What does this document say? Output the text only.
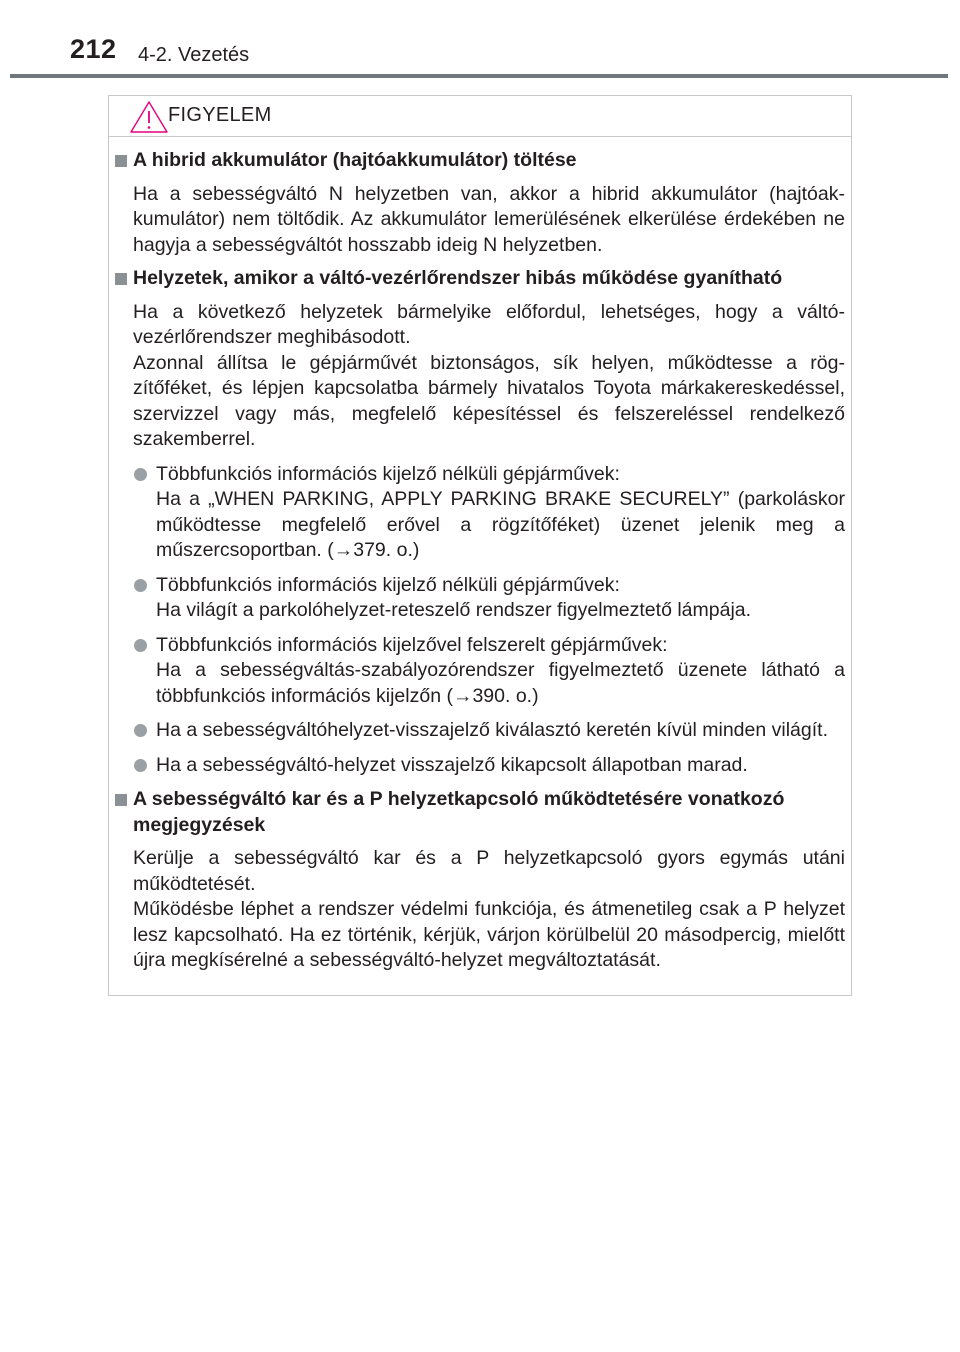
212 4-2. Vezetés
FIGYELEM
A hibrid akkumulátor (hajtóakkumulátor) töltése

Ha a sebességváltó N helyzetben van, akkor a hibrid akkumulátor (hajtóakkumulátor) nem töltődik. Az akkumulátor lemerülésének elkerülése érdekében ne hagyja a sebességváltót hosszabb ideig N helyzetben.

Helyzetek, amikor a váltó-vezérlőrendszer hibás működése gyanítható

Ha a következő helyzetek bármelyike előfordul, lehetséges, hogy a váltóvezérlőrendszer meghibásodott.

Azonnal állítsa le gépjárművét biztonságos, sík helyen, működtesse a rögzítőféket, és lépjen kapcsolatba bármely hivatalos Toyota márkakereskedéssel, szervizzel vagy más, megfelelő képesítéssel és felszereléssel rendelkező szakemberrel.

Többfunkciós információs kijelző nélküli gépjárművek:

Ha a „WHEN PARKING, APPLY PARKING BRAKE SECURELY” (parkoláskor működtesse megfelelő erővel a rögzítőféket) üzenet jelenik meg a műszercsoportban. (→379. o.)

Többfunkciós információs kijelző nélküli gépjárművek:

Ha világít a parkolóhelyzet-reteszelő rendszer figyelmeztető lámpája.

Többfunkciós információs kijelzővel felszerelt gépjárművek:

Ha a sebességváltás-szabályozórendszer figyelmeztető üzenete látható a többfunkciós információs kijelzőn (→390. o.)

Ha a sebességváltóhelyzet-visszajelző kiválasztó keretén kívül minden világít.

Ha a sebességváltó-helyzet visszajelző kikapcsolt állapotban marad.

A sebességváltó kar és a P helyzetkapcsoló működtetésére vonatkozó megjegyzések

Kerülje a sebességváltó kar és a P helyzetkapcsoló gyors egymás utáni működtetését.

Működésbe léphet a rendszer védelmi funkciója, és átmenetileg csak a P helyzet lesz kapcsolható. Ha ez történik, kérjük, várjon körülbelül 20 másodpercig, mielőtt újra megkísérelné a sebességváltó-helyzet megváltoztatását.
